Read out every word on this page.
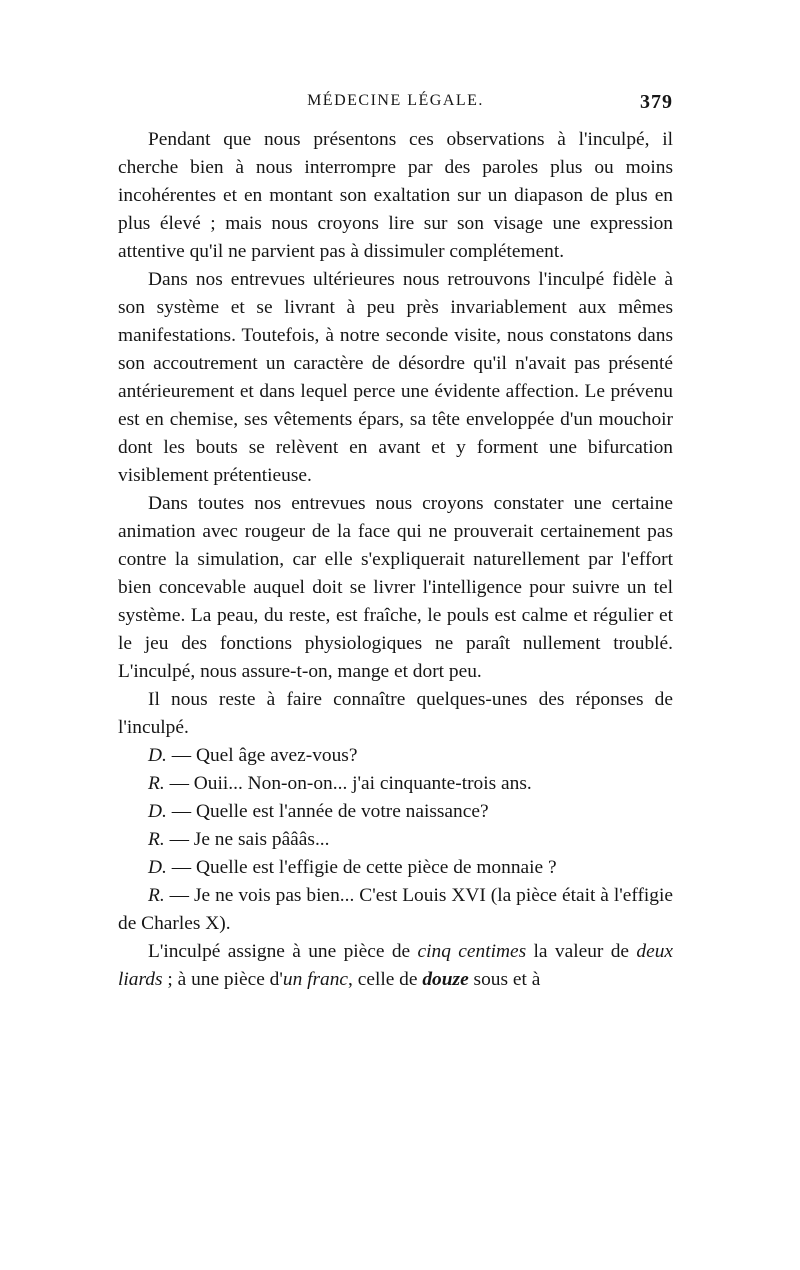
MÉDECINE LÉGALE.	379

Pendant que nous présentons ces observations à l'inculpé, il cherche bien à nous interrompre par des paroles plus ou moins incohérentes et en montant son exaltation sur un diapason de plus en plus élevé ; mais nous croyons lire sur son visage une expression attentive qu'il ne parvient pas à dissimuler complétement.

Dans nos entrevues ultérieures nous retrouvons l'inculpé fidèle à son système et se livrant à peu près invariablement aux mêmes manifestations. Toutefois, à notre seconde visite, nous constatons dans son accoutrement un caractère de désordre qu'il n'avait pas présenté antérieurement et dans lequel perce une évidente affection. Le prévenu est en chemise, ses vêtements épars, sa tête enveloppée d'un mouchoir dont les bouts se relèvent en avant et y forment une bifurcation visiblement prétentieuse.

Dans toutes nos entrevues nous croyons constater une certaine animation avec rougeur de la face qui ne prouverait certainement pas contre la simulation, car elle s'expliquerait naturellement par l'effort bien concevable auquel doit se livrer l'intelligence pour suivre un tel système. La peau, du reste, est fraîche, le pouls est calme et régulier et le jeu des fonctions physiologiques ne paraît nullement troublé. L'inculpé, nous assure-t-on, mange et dort peu.

Il nous reste à faire connaître quelques-unes des réponses de l'inculpé.

D. — Quel âge avez-vous?

R. — Ouii... Non-on-on... j'ai cinquante-trois ans.

D. — Quelle est l'année de votre naissance?

R. — Je ne sais pâââs...

D. — Quelle est l'effigie de cette pièce de monnaie ?

R. — Je ne vois pas bien... C'est Louis XVI (la pièce était à l'effigie de Charles X).

L'inculpé assigne à une pièce de cinq centimes la valeur de deux liards ; à une pièce d'un franc, celle de douze sous et à
